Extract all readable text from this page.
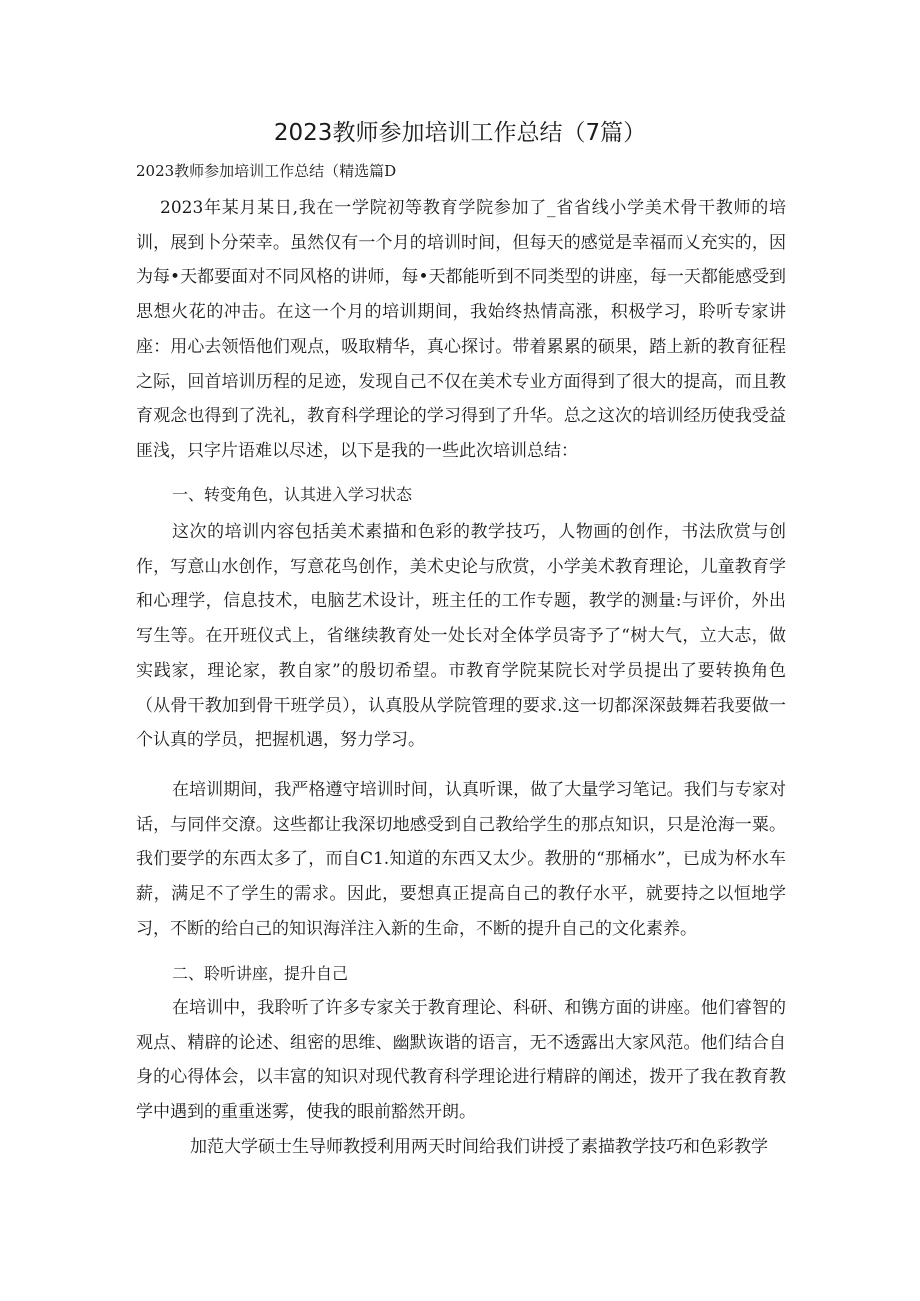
2023教师参加培训工作总结（7篇）

2023教师参加培训工作总结（精选篇D

2023年某月某日,我在一学院初等教育学院参加了_省省线小学美术骨干教师的培训，展到卜分荣幸。虽然仅有一个月的培训时间，但每天的感觉是幸福而乂充实的，因为每•天都要面对不同风格的讲师，每•天都能听到不同类型的讲座，每一天都能感受到思想火花的冲击。在这一个月的培训期间，我始终热情高涨，积极学习，聆听专家讲座：用心去领悟他们观点，吸取精华，真心探讨。带着累累的硕果，踏上新的教育征程之际，回首培训历程的足迹，发现自己不仅在美术专业方面得到了很大的提高，而且教育观念也得到了洗礼，教育科学理论的学习得到了升华。总之这次的培训经历使我受益匪浅，只字片语难以尽述，以下是我的一些此次培训总结：

一、转变角色，认其进入学习状态

这次的培训内容包括美术素描和色彩的教学技巧，人物画的创作，书法欣赏与创作，写意山水创作，写意花鸟创作，美术史论与欣赏，小学美术教育理论，儿童教育学和心理学，信息技术，电脑艺术设计，班主任的工作专题，教学的测量:与评价，外出写生等。在开班仪式上，省继续教育处一处长对全体学员寄予了“树大气，立大志，做实践家，理论家，教自家”的殷切希望。市教育学院某院长对学员提出了要转换角色（从骨干教加到骨干班学员），认真股从学院管理的要求.这一切都深深鼓舞若我要做一个认真的学员，把握机遇，努力学习。

在培训期间，我严格遵守培训时间，认真听课，做了大量学习笔记。我们与专家对话，与同伴交潦。这些都让我深切地感受到自己教给学生的那点知识，只是沧海一粟。我们要学的东西太多了，而自C1.知道的东西又太少。教册的“那桶水”，已成为杯水车薪，满足不了学生的需求。因此，要想真正提高自己的教仔水平，就要持之以恒地学习，不断的给白己的知识海洋注入新的生命，不断的提升自己的文化素养。

二、聆听讲座，提升自己

在培训中，我聆听了许多专家关于教育理论、科研、和镌方面的讲座。他们睿智的观点、精辟的论述、组密的思维、幽默诙谐的语言，无不透露出大家风范。他们结合自身的心得体会，以丰富的知识对现代教育科学理论进行精辟的阐述，拨开了我在教育教学中遇到的重重迷雾，使我的眼前豁然开朗。

加范大学硕士生导师教授利用两天时间给我们讲授了素描教学技巧和色彩教学
